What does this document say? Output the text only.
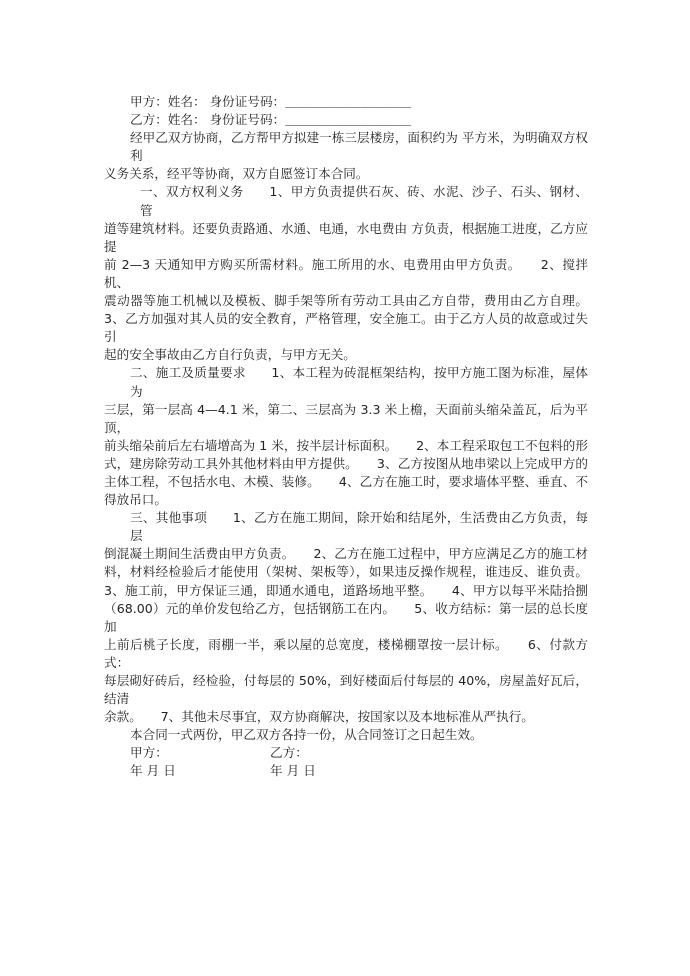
甲方：姓名： 身份证号码：＿＿＿＿＿＿＿＿＿＿
乙方：姓名： 身份证号码：＿＿＿＿＿＿＿＿＿＿
经甲乙双方协商，乙方帮甲方拟建一栋三层楼房，面积约为 平方米，为明确双方权利
义务关系，经平等协商，双方自愿签订本合同。
一、双方权利义务　　1、甲方负责提供石灰、砖、水泥、沙子、石头、钢材、管
道等建筑材料。还要负责路通、水通、电通，水电费由 方负责，根据施工进度，乙方应提
前 2—3 天通知甲方购买所需材料。施工所用的水、电费用由甲方负责。　　2、搅拌机、
震动器等施工机械以及模板、脚手架等所有劳动工具由乙方自带，费用由乙方自理。
3、乙方加强对其人员的安全教育，严格管理，安全施工。由于乙方人员的故意或过失引
起的安全事故由乙方自行负责，与甲方无关。
二、施工及质量要求　　1、本工程为砖混框架结构，按甲方施工图为标准，屋体为
三层，第一层高 4—4.1 米，第二、三层高为 3.3 米上檐，天面前头缩朵盖瓦，后为平顶，
前头缩朵前后左右墙增高为 1 米，按半层计标面积。　　2、本工程采取包工不包料的形
式，建房除劳动工具外其他材料由甲方提供。　　3、乙方按图从地串梁以上完成甲方的
主体工程，不包括水电、木模、装修。　　4、乙方在施工时，要求墙体平整、垂直、不
得放吊口。
三、其他事项　　1、乙方在施工期间，除开始和结尾外，生活费由乙方负责，每层
倒混凝土期间生活费由甲方负责。　　2、乙方在施工过程中，甲方应满足乙方的施工材
料，材料经检验后才能使用（架树、架板等），如果违反操作规程，谁违反、谁负责。
3、施工前，甲方保证三通，即通水通电，道路场地平整。　　4、甲方以每平米陆拾捌
（68.00）元的单价发包给乙方，包括钢筋工在内。　　5、收方结标：第一层的总长度加
上前后桃子长度，雨棚一半，乘以屋的总宽度，楼梯棚罩按一层计标。　　6、付款方式：
每层砌好砖后，经检验，付每层的 50%，到好楼面后付每层的 40%，房屋盖好瓦后，结清
余款。　　7、其他未尽事宜，双方协商解决，按国家以及本地标准从严执行。
本合同一式两份，甲乙双方各持一份，从合同签订之日起生效。
甲方：	乙方：
年 月 日	年 月 日
